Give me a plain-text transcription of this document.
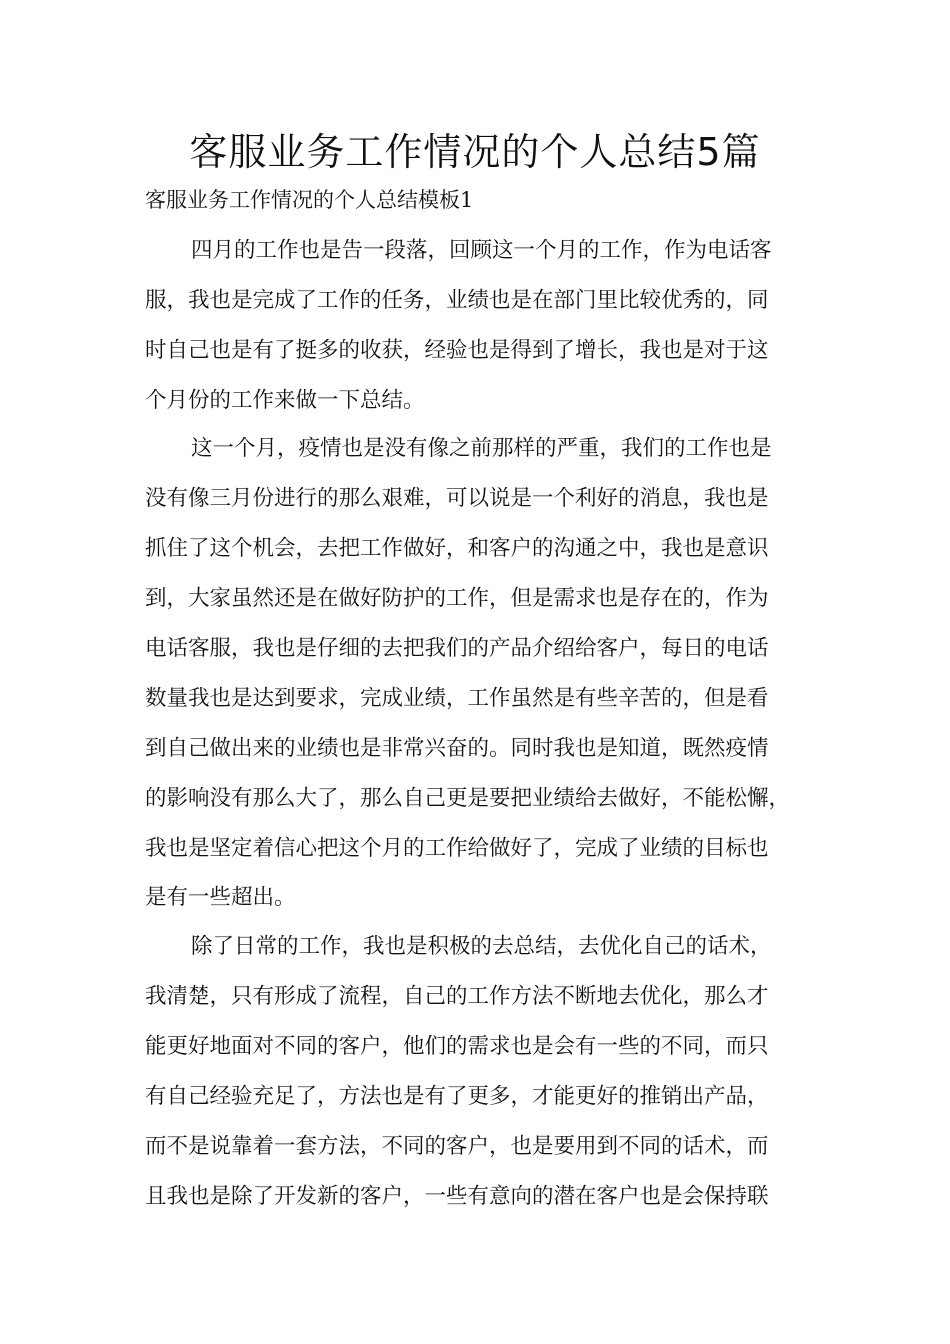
客服业务工作情况的个人总结5篇

客服业务工作情况的个人总结模板1

四月的工作也是告一段落，回顾这一个月的工作，作为电话客

服，我也是完成了工作的任务，业绩也是在部门里比较优秀的，同

时自己也是有了挺多的收获，经验也是得到了增长，我也是对于这

个月份的工作来做一下总结。

这一个月，疫情也是没有像之前那样的严重，我们的工作也是

没有像三月份进行的那么艰难，可以说是一个利好的消息，我也是

抓住了这个机会，去把工作做好，和客户的沟通之中，我也是意识

到，大家虽然还是在做好防护的工作，但是需求也是存在的，作为

电话客服，我也是仔细的去把我们的产品介绍给客户，每日的电话

数量我也是达到要求，完成业绩，工作虽然是有些辛苦的，但是看

到自己做出来的业绩也是非常兴奋的。同时我也是知道，既然疫情

的影响没有那么大了，那么自己更是要把业绩给去做好，不能松懈，

我也是坚定着信心把这个月的工作给做好了，完成了业绩的目标也

是有一些超出。

除了日常的工作，我也是积极的去总结，去优化自己的话术，

我清楚，只有形成了流程，自己的工作方法不断地去优化，那么才

能更好地面对不同的客户，他们的需求也是会有一些的不同，而只

有自己经验充足了，方法也是有了更多，才能更好的推销出产品，

而不是说靠着一套方法，不同的客户，也是要用到不同的话术，而

且我也是除了开发新的客户，一些有意向的潜在客户也是会保持联
